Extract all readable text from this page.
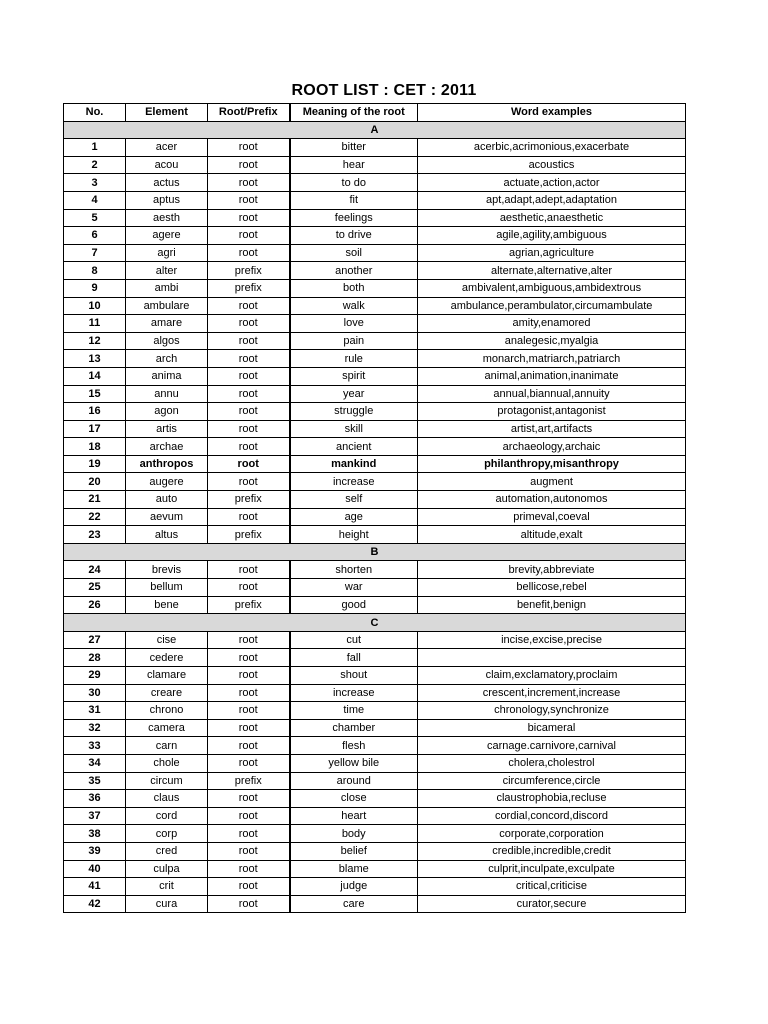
ROOT LIST : CET : 2011
No.	Element	Root/Prefix	Meaning of the root	Word examples
A				
1	acer	root	bitter	acerbic,acrimonious,exacerbate
2	acou	root	hear	acoustics
3	actus	root	to do	actuate,action,actor
4	aptus	root	fit	apt,adapt,adept,adaptation
5	aesth	root	feelings	aesthetic,anaesthetic
6	agere	root	to drive	agile,agility,ambiguous
7	agri	root	soil	agrian,agriculture
8	alter	prefix	another	alternate,alternative,alter
9	ambi	prefix	both	ambivalent,ambiguous,ambidextrous
10	ambulare	root	walk	ambulance,perambulator,circumambulate
11	amare	root	love	amity,enamored
12	algos	root	pain	analegesic,myalgia
13	arch	root	rule	monarch,matriarch,patriarch
14	anima	root	spirit	animal,animation,inanimate
15	annu	root	year	annual,biannual,annuity
16	agon	root	struggle	protagonist,antagonist
17	artis	root	skill	artist,art,artifacts
18	archae	root	ancient	archaeology,archaic
19	anthropos	root	mankind	philanthropy,misanthropy
20	augere	root	increase	augment
21	auto	prefix	self	automation,autonomos
22	aevum	root	age	primeval,coeval
23	altus	prefix	height	altitude,exalt
B				
24	brevis	root	shorten	brevity,abbreviate
25	bellum	root	war	bellicose,rebel
26	bene	prefix	good	benefit,benign
C				
27	cise	root	cut	incise,excise,precise
28	cedere	root	fall	
29	clamare	root	shout	claim,exclamatory,proclaim
30	creare	root	increase	crescent,increment,increase
31	chrono	root	time	chronology,synchronize
32	camera	root	chamber	bicameral
33	carn	root	flesh	carnage.carnivore,carnival
34	chole	root	yellow bile	cholera,cholestrol
35	circum	prefix	around	circumference,circle
36	claus	root	close	claustrophobia,recluse
37	cord	root	heart	cordial,concord,discord
38	corp	root	body	corporate,corporation
39	cred	root	belief	credible,incredible,credit
40	culpa	root	blame	culprit,inculpate,exculpate
41	crit	root	judge	critical,criticise
42	cura	root	care	curator,secure
